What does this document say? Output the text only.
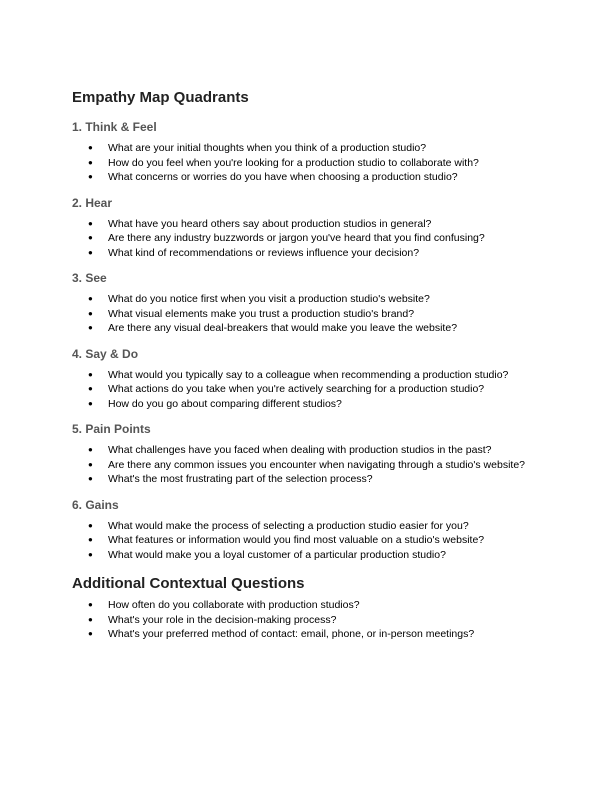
Empathy Map Quadrants
1. Think & Feel
● What are your initial thoughts when you think of a production studio?
● How do you feel when you're looking for a production studio to collaborate with?
● What concerns or worries do you have when choosing a production studio?
2. Hear
● What have you heard others say about production studios in general?
● Are there any industry buzzwords or jargon you've heard that you find confusing?
● What kind of recommendations or reviews influence your decision?
3. See
● What do you notice first when you visit a production studio's website?
● What visual elements make you trust a production studio's brand?
● Are there any visual deal-breakers that would make you leave the website?
4. Say & Do
● What would you typically say to a colleague when recommending a production studio?
● What actions do you take when you're actively searching for a production studio?
● How do you go about comparing different studios?
5. Pain Points
● What challenges have you faced when dealing with production studios in the past?
● Are there any common issues you encounter when navigating through a studio's website?
● What's the most frustrating part of the selection process?
6. Gains
● What would make the process of selecting a production studio easier for you?
● What features or information would you find most valuable on a studio's website?
● What would make you a loyal customer of a particular production studio?
Additional Contextual Questions
● How often do you collaborate with production studios?
● What's your role in the decision-making process?
● What's your preferred method of contact: email, phone, or in-person meetings?
